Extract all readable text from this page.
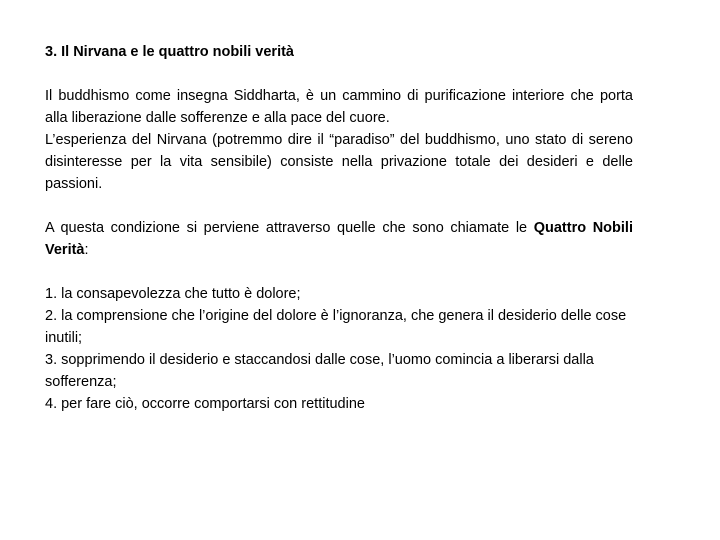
3. Il Nirvana e le quattro nobili verità

Il buddhismo come insegna Siddharta, è un cammino di purificazione interiore che porta alla liberazione dalle sofferenze e alla pace del cuore.

L’esperienza del Nirvana (potremmo dire il “paradiso” del buddhismo, uno stato di sereno disinteresse per la vita sensibile) consiste nella privazione totale dei desideri e delle passioni.

A questa condizione si perviene attraverso quelle che sono chiamate le Quattro Nobili Verità:

1. la consapevolezza che tutto è dolore;

2. la comprensione che l’origine del dolore è l’ignoranza, che genera il desiderio delle cose inutili;

3. sopprimendo il desiderio e staccandosi dalle cose, l’uomo comincia a liberarsi dalla sofferenza;

4. per fare ciò, occorre comportarsi con rettitudine
